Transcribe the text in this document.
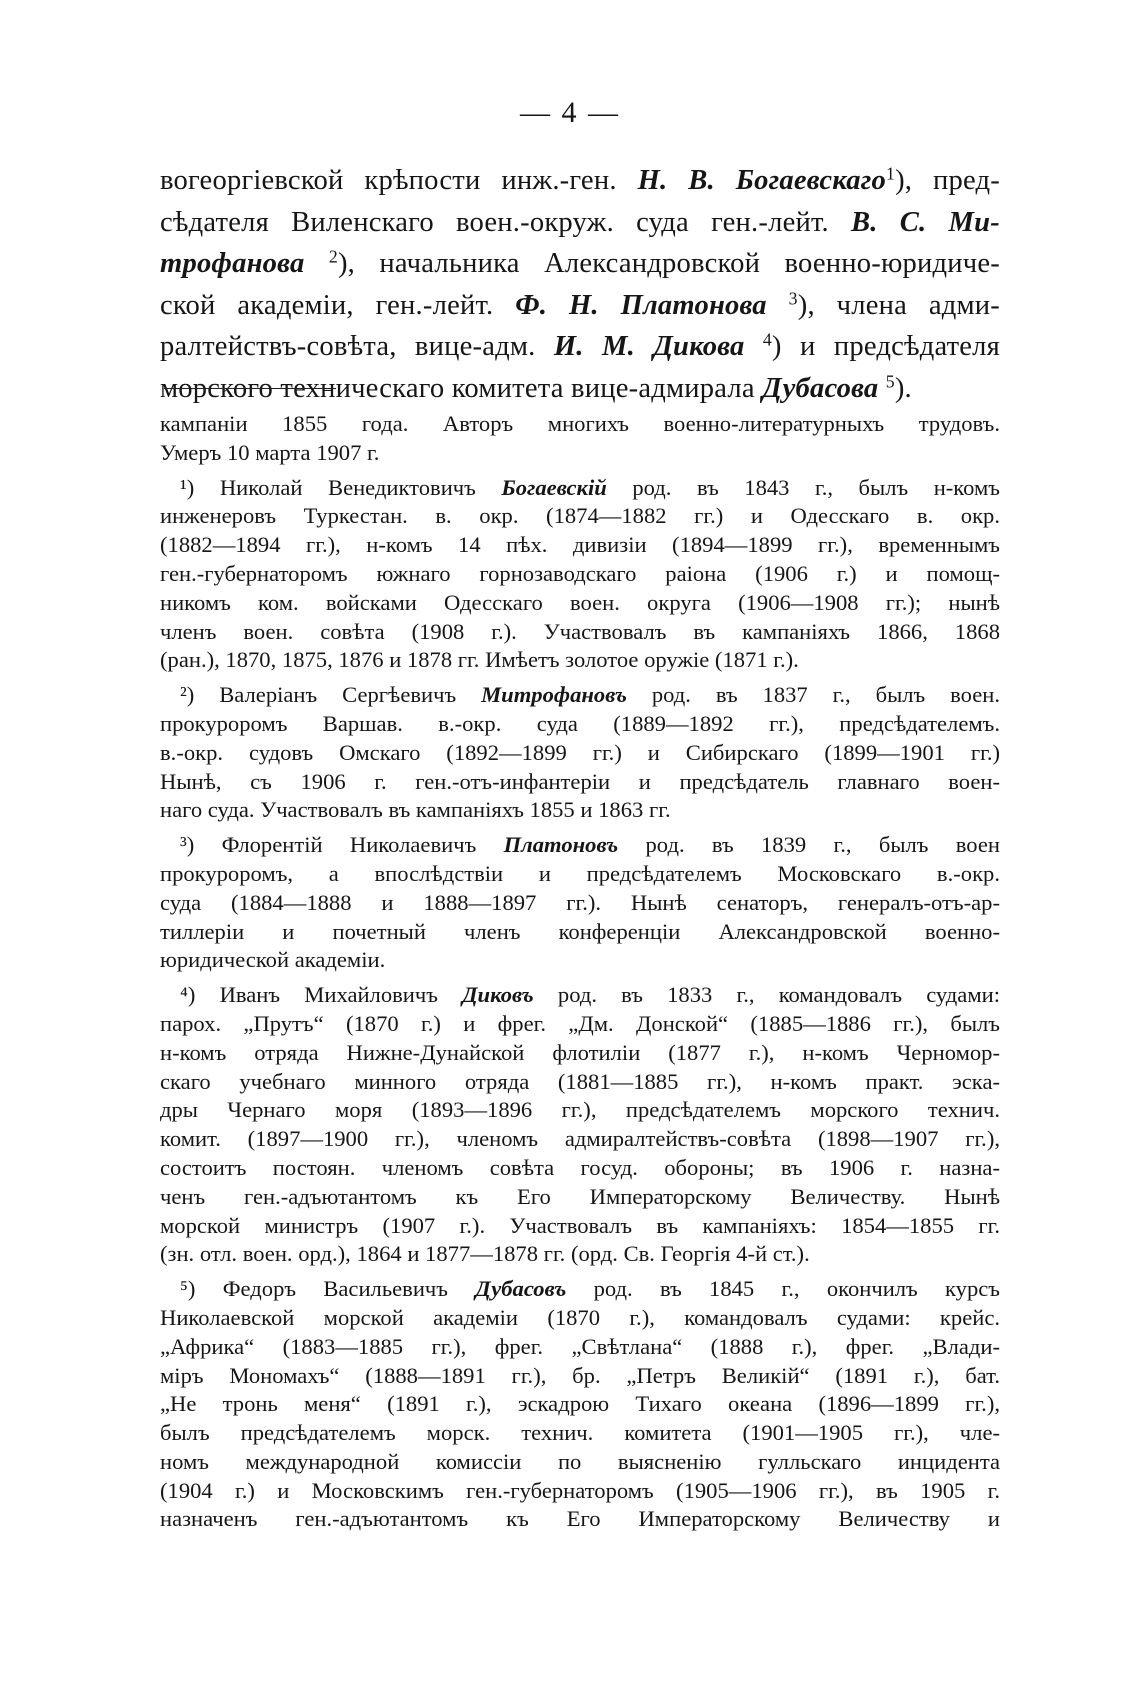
— 4 —
вогеоргіевской крѣпости инж.-ген. Н. В. Богаевскаго$^1$), пред-
сѣдателя Виленскаго воен.-окруж. суда ген.-лейт. В. С. Ми-
трофанова $^2$), начальника Александровской военно-юридиче-
ской академіи, ген.-лейт. Ф. Н. Платонова $^3$), члена адми-
ралтействъ-совѣта, вице-адм. И. М. Дикова $^4$) и предсѣдателя
морского техническаго комитета вице-адмирала Дубасова $^5$).
кампаніи 1855 года. Авторъ многихъ военно-литературныхъ трудовъ.
Умеръ 10 марта 1907 г.
¹) Николай Венедиктовичъ Богаевскій род. въ 1843 г., былъ н-комъ
инженеровъ Туркестан. в. окр. (1874—1882 гг.) и Одесскаго в. окр.
(1882—1894 гг.), н-комъ 14 пѣх. дивизіи (1894—1899 гг.), временнымъ
ген.-губернаторомъ южнаго горнозаводскаго раіона (1906 г.) и помощ-
никомъ ком. войсками Одесскаго воен. округа (1906—1908 гг.); нынѣ
членъ воен. совѣта (1908 г.). Участвовалъ въ кампаніяхъ 1866, 1868
(ран.), 1870, 1875, 1876 и 1878 гг. Имѣетъ золотое оружіе (1871 г.).
²) Валеріанъ Сергѣевичъ Митрофановъ род. въ 1837 г., былъ воен.
прокуроромъ Варшав. в.-окр. суда (1889—1892 гг.), предсѣдателемъ.
в.-окр. судовъ Омскаго (1892—1899 гг.) и Сибирскаго (1899—1901 гг.)
Нынѣ, съ 1906 г. ген.-отъ-инфантеріи и предсѣдатель главнаго воен-
наго суда. Участвовалъ въ кампаніяхъ 1855 и 1863 гг.
³) Флорентій Николаевичъ Платоновъ род. въ 1839 г., былъ воен
прокуроромъ, а впослѣдствіи и предсѣдателемъ Московскаго в.-окр.
суда (1884—1888 и 1888—1897 гг.). Нынѣ сенаторъ, генералъ-отъ-ар-
тиллеріи и почетный членъ конференціи Александровской военно-
юридической академіи.
⁴) Иванъ Михайловичъ Диковъ род. въ 1833 г., командовалъ судами:
парох. „Прутъ“ (1870 г.) и фрег. „Дм. Донской“ (1885—1886 гг.), былъ
н-комъ отряда Нижне-Дунайской флотиліи (1877 г.), н-комъ Черномор-
скаго учебнаго минного отряда (1881—1885 гг.), н-комъ практ. эска-
дры Чернаго моря (1893—1896 гг.), предсѣдателемъ морского технич.
комит. (1897—1900 гг.), членомъ адмиралтействъ-совѣта (1898—1907 гг.),
состоитъ постоян. членомъ совѣта госуд. обороны; въ 1906 г. назна-
ченъ ген.-адъютантомъ къ Его Императорскому Величеству. Нынѣ
морской министръ (1907 г.). Участвовалъ въ кампаніяхъ: 1854—1855 гг.
(зн. отл. воен. орд.), 1864 и 1877—1878 гг. (орд. Св. Георгія 4-й ст.).
⁵) Федоръ Васильевичъ Дубасовъ род. въ 1845 г., окончилъ курсъ
Николаевской морской академіи (1870 г.), командовалъ судами: крейс.
„Африка“ (1883—1885 гг.), фрег. „Свѣтлана“ (1888 г.), фрег. „Влади-
міръ Мономахъ“ (1888—1891 гг.), бр. „Петръ Великій“ (1891 г.), бат.
„Не тронь меня“ (1891 г.), эскадрою Тихаго океана (1896—1899 гг.),
былъ предсѣдателемъ морск. технич. комитета (1901—1905 гг.), чле-
номъ международной комиссіи по выясненію гулльскаго инцидента
(1904 г.) и Московскимъ ген.-губернаторомъ (1905—1906 гг.), въ 1905 г.
назначенъ ген.-адъютантомъ къ Его Императорскому Величеству и
